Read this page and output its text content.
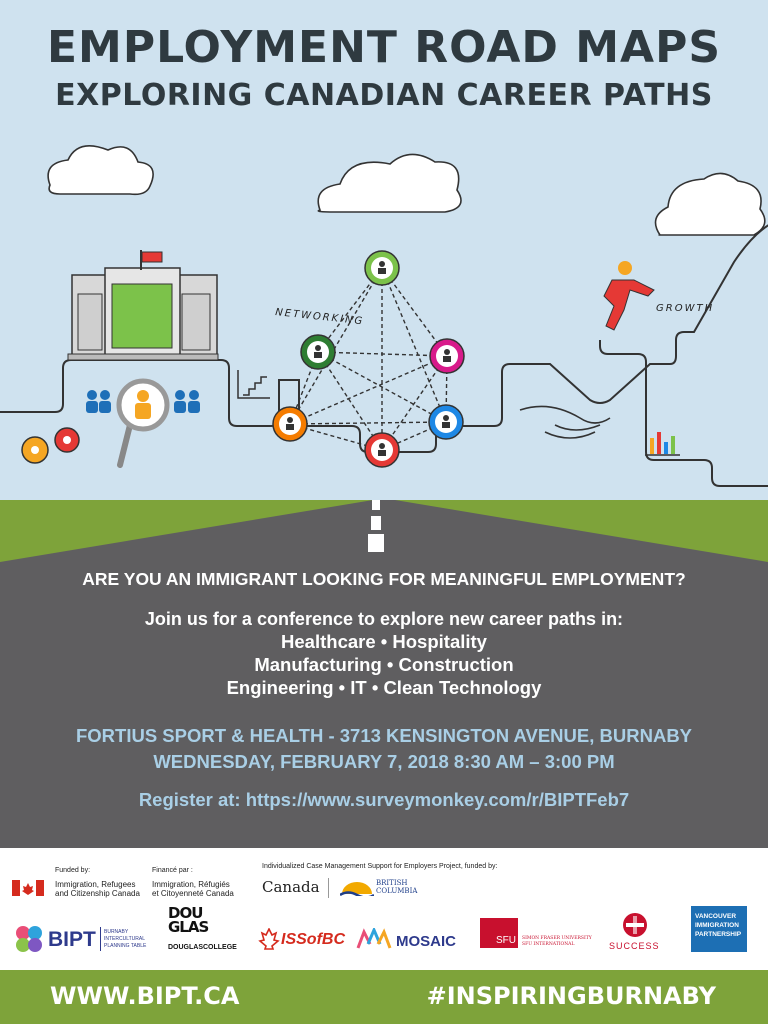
NETWORKING	GROWTH
EMPLOYMENT ROAD MAPS
EXPLORING CANADIAN CAREER PATHS
ARE YOU AN IMMIGRANT LOOKING FOR MEANINGFUL EMPLOYMENT?
Join us for a conference to explore new career paths in:
Healthcare • Hospitality
Manufacturing • Construction
Engineering • IT • Clean Technology
FORTIUS SPORT & HEALTH - 3713 KENSINGTON AVENUE, BURNABY
WEDNESDAY, FEBRUARY 7, 2018 8:30 AM – 3:00 PM
Register at: https://www.surveymonkey.com/r/BIPTFeb7
Funded by:
Immigration, Refugees
and Citizenship Canada
Financé par :
Immigration, Réfugiés
et Citoyenneté Canada
Individualized Case Management Support for Employers Project, funded by:
Canada	BRITISH
COLUMBIA
BIPT BURNABY
INTERCULTURAL
PLANNING TABLE
DOU
GLAS
DOUGLASCOLLEGE	ISSofBC	MOSAIC	SFU SIMON FRASER UNIVERSITY
SFU INTERNATIONAL	SUCCESS
VANCOUVER
IMMIGRATION
PARTNERSHIP
WWW.BIPT.CA	#INSPIRINGBURNABY
